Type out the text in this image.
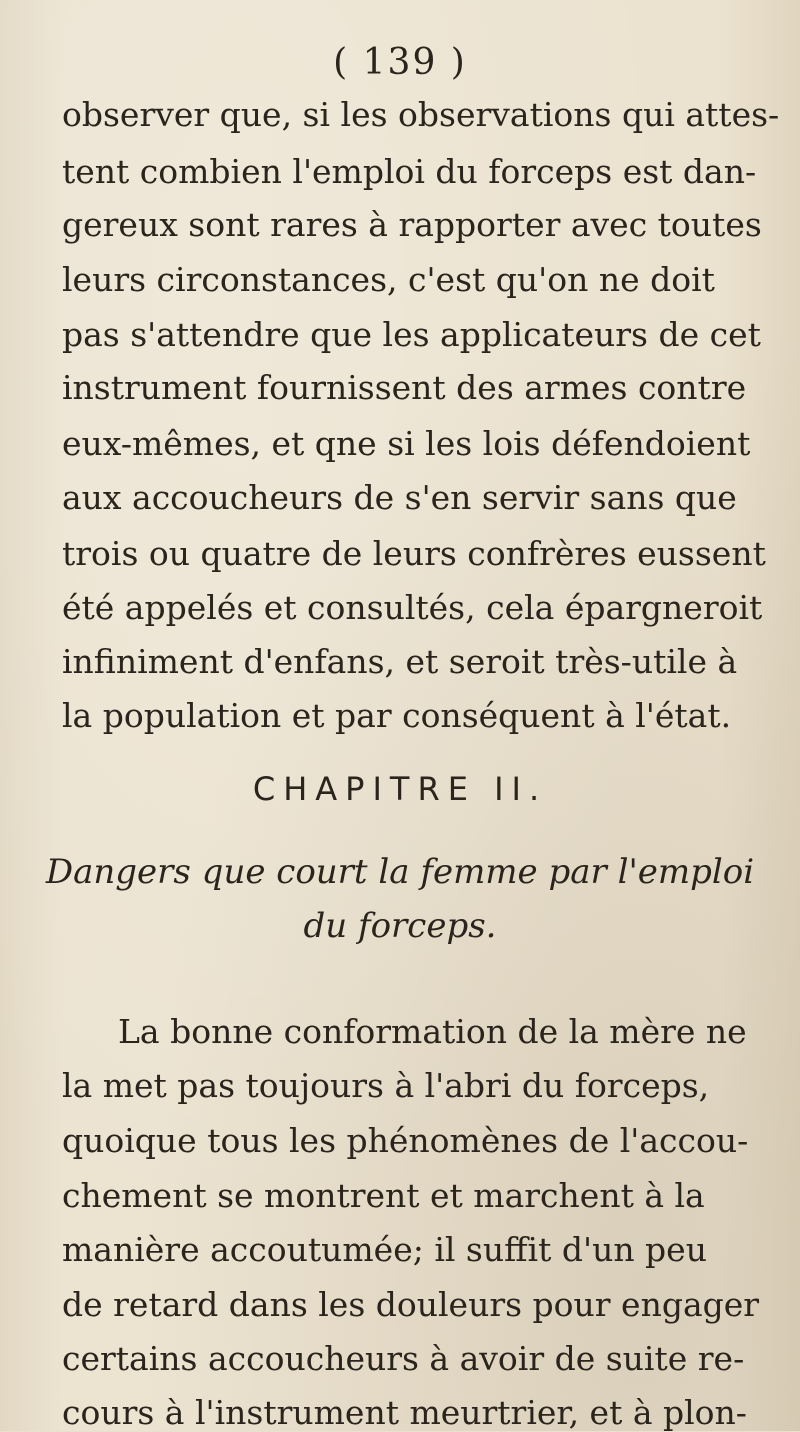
( 139 )
observer que, si les observations qui attes-
tent combien l'emploi du forceps est dan-
gereux sont rares à rapporter avec toutes
leurs circonstances, c'est qu'on ne doit
pas s'attendre que les applicateurs de cet
instrument fournissent des armes contre
eux-mêmes, et qne si les lois défendoient
aux accoucheurs de s'en servir sans que
trois ou quatre de leurs confrères eussent
été appelés et consultés, cela épargneroit
infiniment d'enfans, et seroit très-utile à
la population et par conséquent à l'état.
CHAPITRE II.
Dangers que court la femme par l'emploi
du forceps.
La bonne conformation de la mère ne
la met pas toujours à l'abri du forceps,
quoique tous les phénomènes de l'accou-
chement se montrent et marchent à la
manière accoutumée; il suffit d'un peu
de retard dans les douleurs pour engager
certains accoucheurs à avoir de suite re-
cours à l'instrument meurtrier, et à plon-
